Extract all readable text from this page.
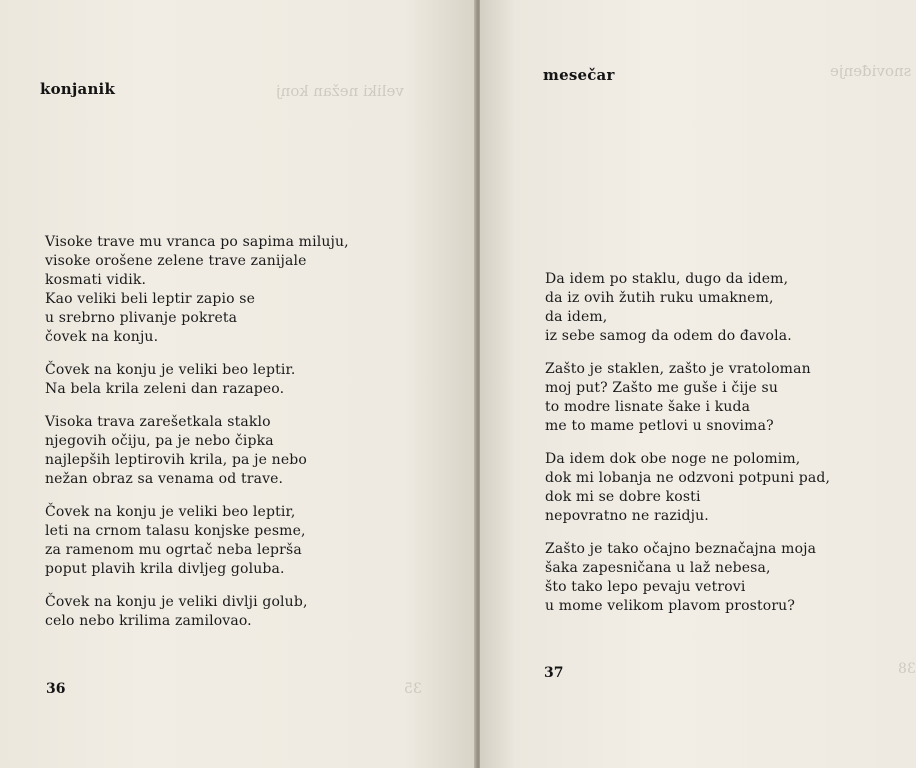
veliki nežan konj
35
konjanik
Visoke trave mu vranca po sapima miluju,
visoke orošene zelene trave zanijale
kosmati vidik.
Kao veliki beli leptir zapio se
u srebrno plivanje pokreta
čovek na konju.
Čovek na konju je veliki beo leptir.
Na bela krila zeleni dan razapeo.
Visoka trava zarešetkala staklo
njegovih očiju, pa je nebo čipka
najlepših leptirovih krila, pa je nebo
nežan obraz sa venama od trave.
Čovek na konju je veliki beo leptir,
leti na crnom talasu konjske pesme,
za ramenom mu ogrtač neba lepršа
poput plavih krila divljeg goluba.
Čovek na konju je veliki divlji golub,
celo nebo krilima zamilovao.
36
snoviđenje
38
mesečar
Da idem po staklu, dugo da idem,
da iz ovih žutih ruku umaknem,
da idem,
iz sebe samog da odem do đavola.
Zašto je staklen, zašto je vratoloman
moj put? Zašto me guše i čije su
to modre lisnate šake i kuda
me to mame petlovi u snovima?
Da idem dok obe noge ne polomim,
dok mi lobanja ne odzvoni potpuni pad,
dok mi se dobre kosti
nepovratno ne razidju.
Zašto je tako očajno beznačajna moja
šaka zapesničana u laž nebesa,
što tako lepo pevaju vetrovi
u mome velikom plavom prostoru?
37
